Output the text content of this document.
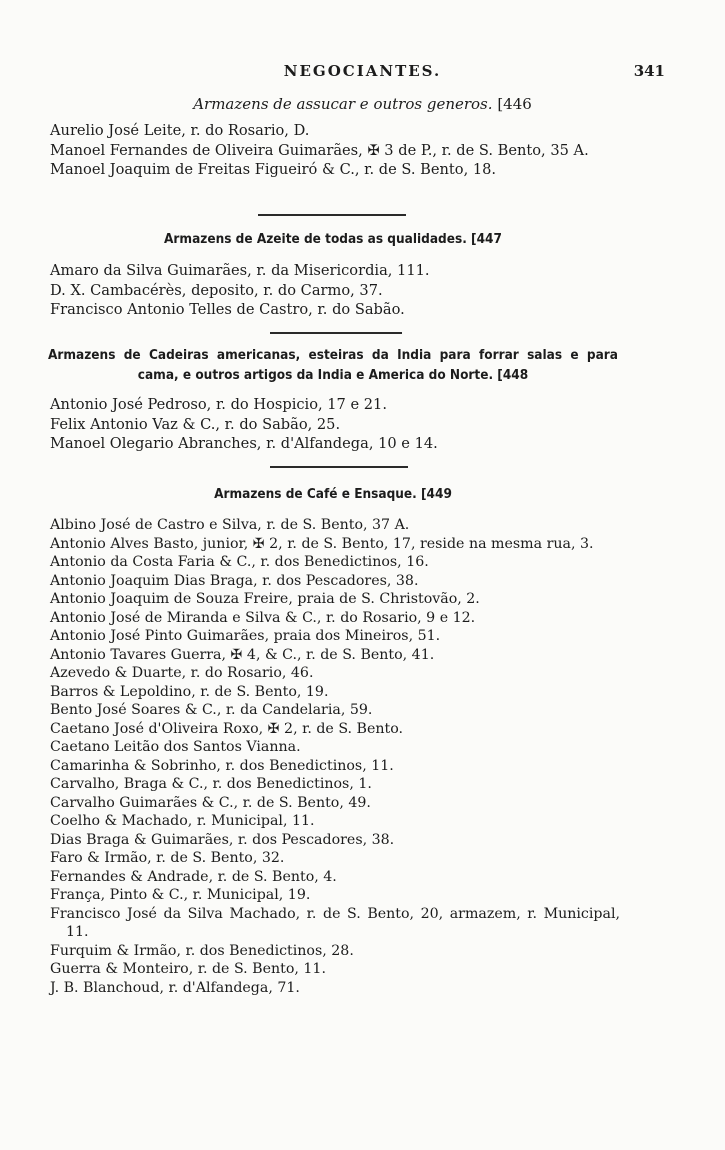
NEGOCIANTES.	341
Armazens de assucar e outros generos. [446
Aurelio José Leite, r. do Rosario, D.
Manoel Fernandes de Oliveira Guimarães, ✠ 3 de P., r. de S. Bento, 35 A.
Manoel Joaquim de Freitas Figueiró & C., r. de S. Bento, 18.
Armazens de Azeite de todas as qualidades. [447
Amaro da Silva Guimarães, r. da Misericordia, 111.
D. X. Cambacérès, deposito, r. do Carmo, 37.
Francisco Antonio Telles de Castro, r. do Sabão.
Armazens de Cadeiras americanas, esteiras da India para forrar salas e para cama, e outros artigos da India e America do Norte. [448
Antonio José Pedroso, r. do Hospicio, 17 e 21.
Felix Antonio Vaz & C., r. do Sabão, 25.
Manoel Olegario Abranches, r. d'Alfandega, 10 e 14.
Armazens de Café e Ensaque. [449
Albino José de Castro e Silva, r. de S. Bento, 37 A.
Antonio Alves Basto, junior, ✠ 2, r. de S. Bento, 17, reside na mesma rua, 3.
Antonio da Costa Faria & C., r. dos Benedictinos, 16.
Antonio Joaquim Dias Braga, r. dos Pescadores, 38.
Antonio Joaquim de Souza Freire, praia de S. Christovão, 2.
Antonio José de Miranda e Silva & C., r. do Rosario, 9 e 12.
Antonio José Pinto Guimarães, praia dos Mineiros, 51.
Antonio Tavares Guerra, ✠ 4, & C., r. de S. Bento, 41.
Azevedo & Duarte, r. do Rosario, 46.
Barros & Lepoldino, r. de S. Bento, 19.
Bento José Soares & C., r. da Candelaria, 59.
Caetano José d'Oliveira Roxo, ✠ 2, r. de S. Bento.
Caetano Leitão dos Santos Vianna.
Camarinha & Sobrinho, r. dos Benedictinos, 11.
Carvalho, Braga & C., r. dos Benedictinos, 1.
Carvalho Guimarães & C., r. de S. Bento, 49.
Coelho & Machado, r. Municipal, 11.
Dias Braga & Guimarães, r. dos Pescadores, 38.
Faro & Irmão, r. de S. Bento, 32.
Fernandes & Andrade, r. de S. Bento, 4.
França, Pinto & C., r. Municipal, 19.
Francisco José da Silva Machado, r. de S. Bento, 20, armazem, r. Municipal, 11.
Furquim & Irmão, r. dos Benedictinos, 28.
Guerra & Monteiro, r. de S. Bento, 11.
J. B. Blanchoud, r. d'Alfandega, 71.
